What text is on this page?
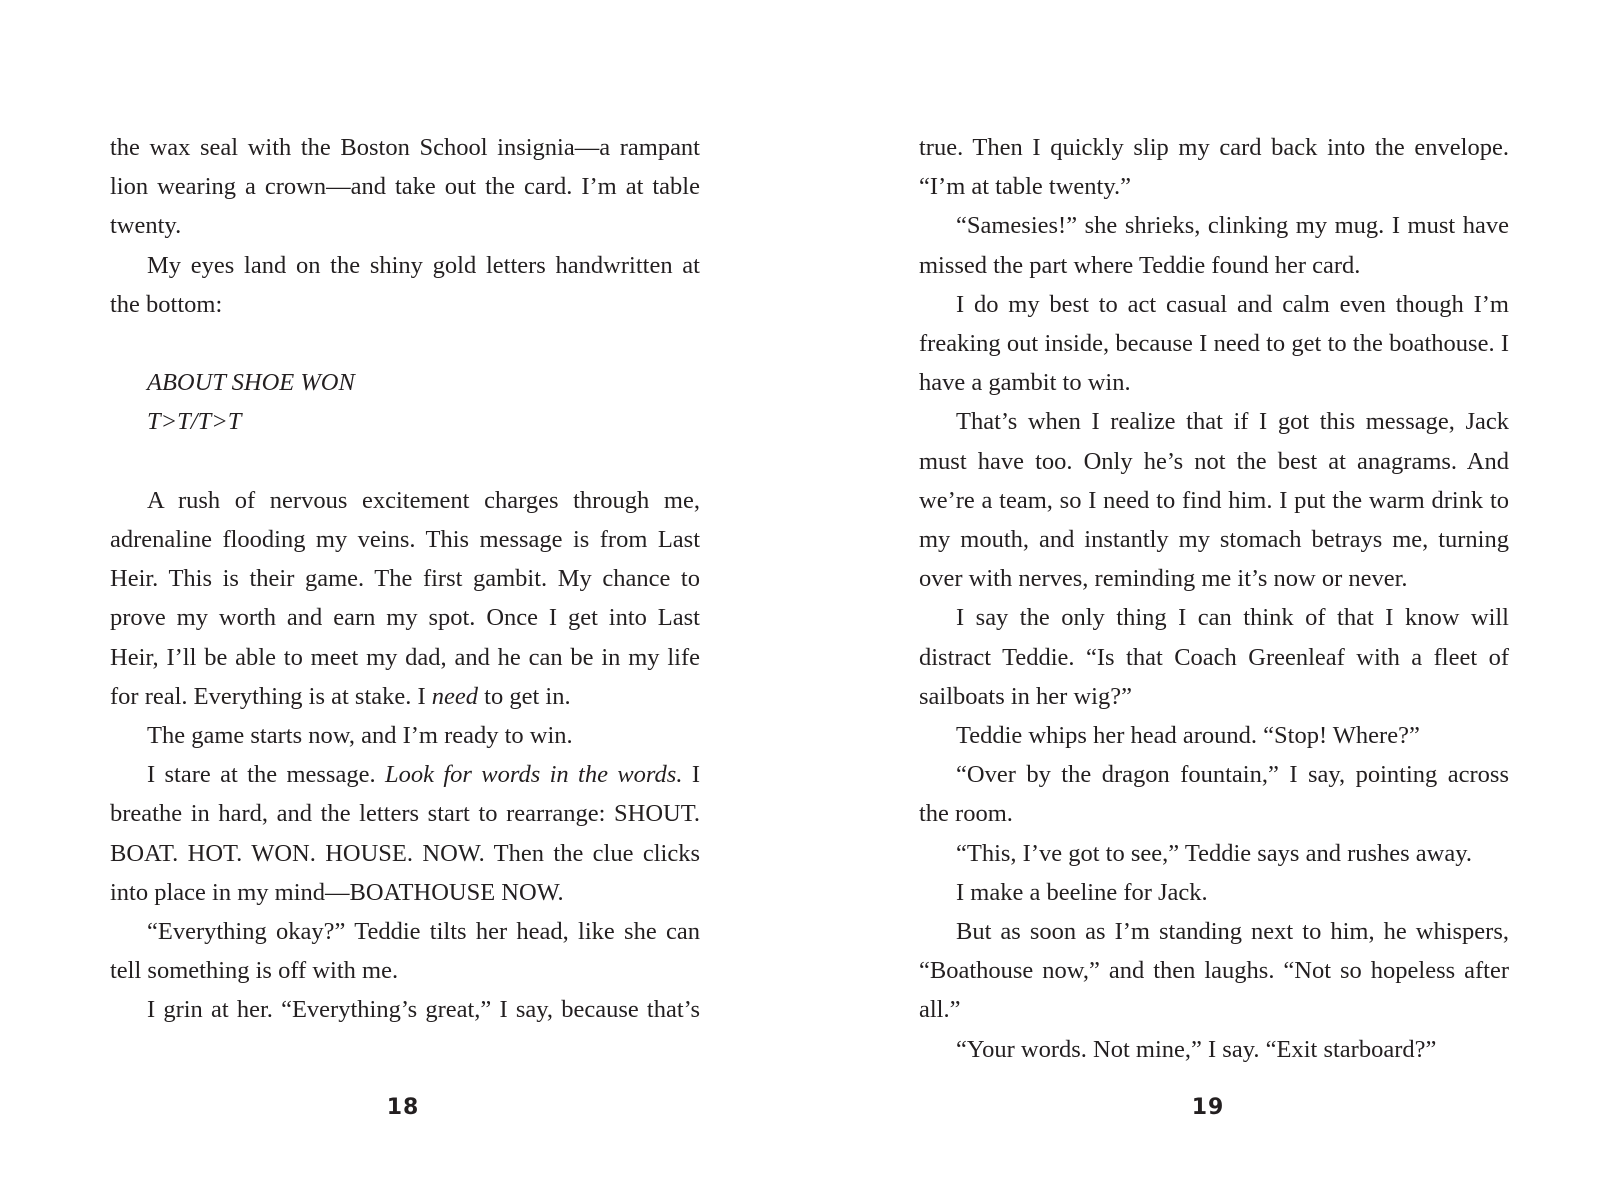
the wax seal with the Boston School insignia—a rampant lion wearing a crown—and take out the card. I’m at table twenty.

My eyes land on the shiny gold letters handwritten at the bottom:

ABOUT SHOE WON
T>T/T>T

A rush of nervous excitement charges through me, adrenaline flooding my veins. This message is from Last Heir. This is their game. The first gambit. My chance to prove my worth and earn my spot. Once I get into Last Heir, I’ll be able to meet my dad, and he can be in my life for real. Everything is at stake. I need to get in.

The game starts now, and I’m ready to win.

I stare at the message. Look for words in the words. I breathe in hard, and the letters start to rearrange: SHOUT. BOAT. HOT. WON. HOUSE. NOW. Then the clue clicks into place in my mind—BOATHOUSE NOW.

“Everything okay?” Teddie tilts her head, like she can tell something is off with me.

I grin at her. “Everything’s great,” I say, because that’s

18

true. Then I quickly slip my card back into the envelope. “I’m at table twenty.”

“Samesies!” she shrieks, clinking my mug. I must have missed the part where Teddie found her card.

I do my best to act casual and calm even though I’m freaking out inside, because I need to get to the boathouse. I have a gambit to win.

That’s when I realize that if I got this message, Jack must have too. Only he’s not the best at anagrams. And we’re a team, so I need to find him. I put the warm drink to my mouth, and instantly my stomach betrays me, turning over with nerves, reminding me it’s now or never.

I say the only thing I can think of that I know will distract Teddie. “Is that Coach Greenleaf with a fleet of sailboats in her wig?”

Teddie whips her head around. “Stop! Where?”

“Over by the dragon fountain,” I say, pointing across the room.

“This, I’ve got to see,” Teddie says and rushes away.

I make a beeline for Jack.

But as soon as I’m standing next to him, he whispers, “Boathouse now,” and then laughs. “Not so hopeless after all.”

“Your words. Not mine,” I say. “Exit starboard?”

19
